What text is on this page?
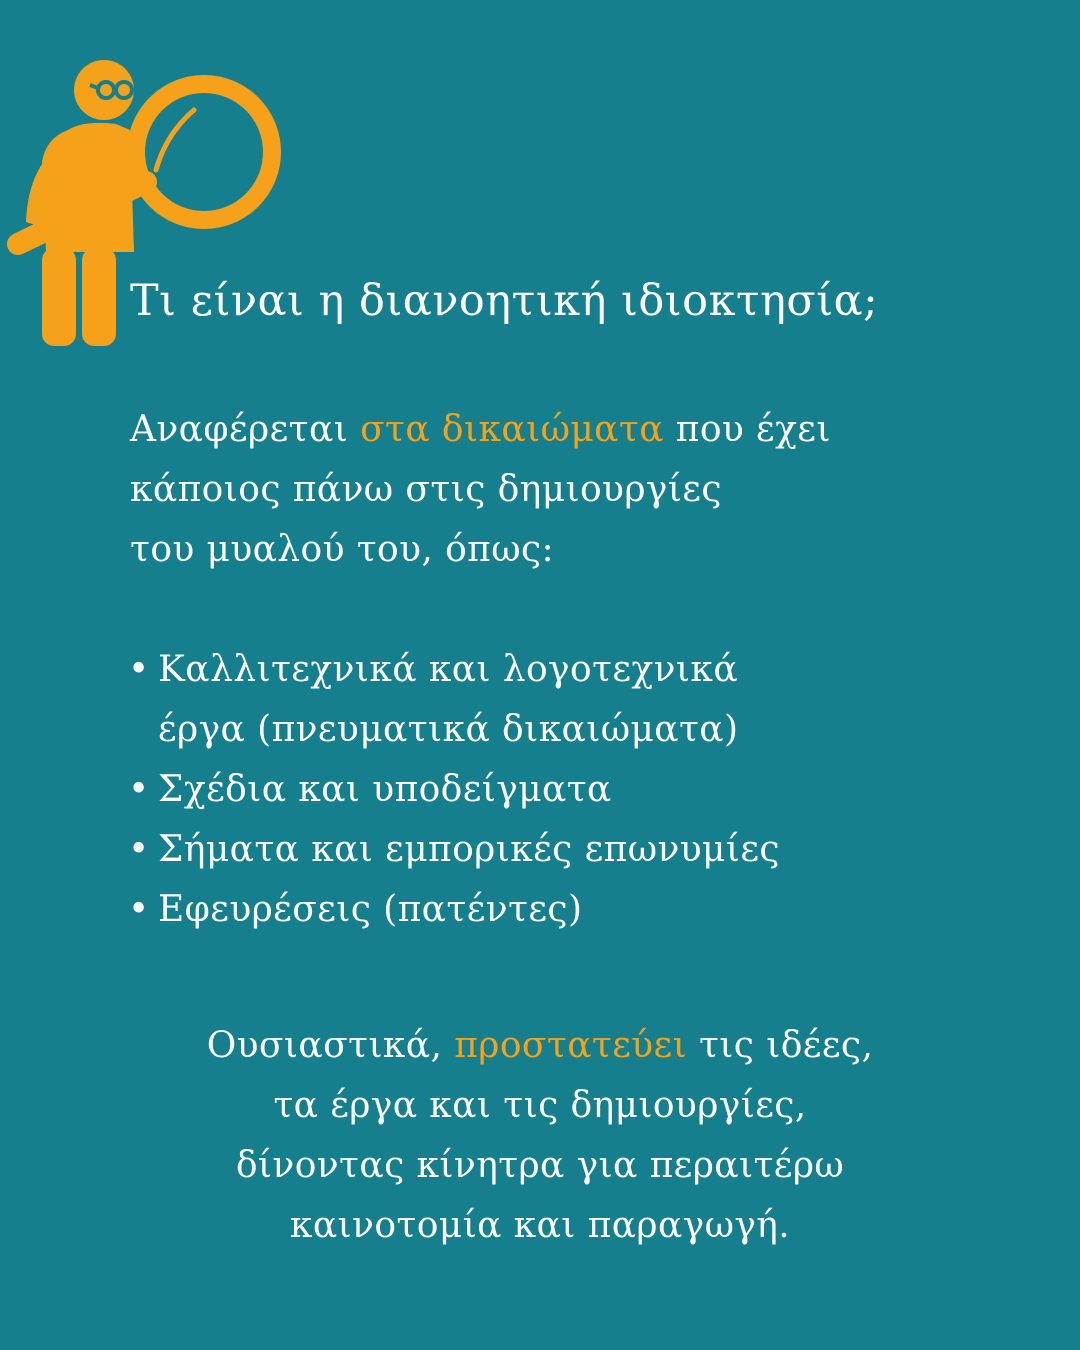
Τι είναι η διανοητική ιδιοκτησία;
Αναφέρεται στα δικαιώματα που έχει
κάποιος πάνω στις δημιουργίες
του μυαλού του, όπως:
• Καλλιτεχνικά και λογοτεχνικά
έργα (πνευματικά δικαιώματα)
• Σχέδια και υποδείγματα
• Σήματα και εμπορικές επωνυμίες
• Εφευρέσεις (πατέντες)
Ουσιαστικά, προστατεύει τις ιδέες,
τα έργα και τις δημιουργίες,
δίνοντας κίνητρα για περαιτέρω
καινοτομία και παραγωγή.
